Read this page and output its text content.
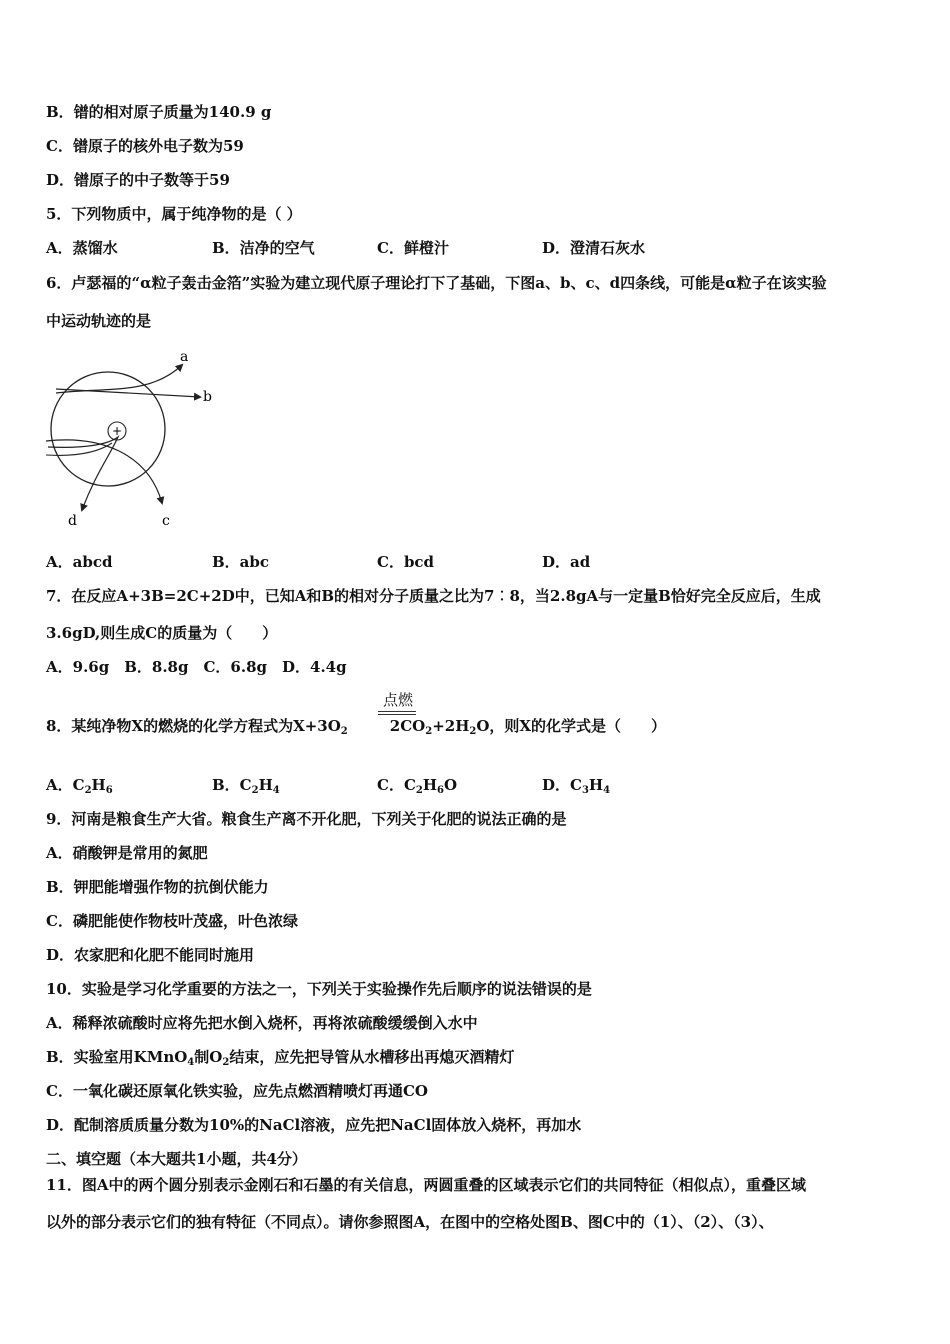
B．镨的相对原子质量为140.9 g
C．镨原子的核外电子数为59
D．镨原子的中子数等于59
5．下列物质中，属于纯净物的是（ ）
A．蒸馏水	B．洁净的空气	C．鲜橙汁	D．澄清石灰水
6．卢瑟福的“α粒子轰击金箔”实验为建立现代原子理论打下了基础，下图a、b、c、d四条线，可能是α粒子在该实验
中运动轨迹的是
+
a
b
c
d
A．abcd	B．abc	C．bcd	D．ad
7．在反应A+3B=2C+2D中，已知A和B的相对分子质量之比为7︰8，当2.8gA与一定量B恰好完全反应后，生成
3.6gD,则生成C的质量为（　　）
A．9.6g　B．8.8g　C．6.8g　D．4.4g
点燃
8．某纯净物X的燃烧的化学方程式为$X+3O_2$	$2CO_2+2H_2O$，则X的化学式是（　　）
A．$C_2H_6$	B．$C_2H_4$	C．$C_2H_6O$	D．$C_3H_4$
9．河南是粮食生产大省。粮食生产离不开化肥，下列关于化肥的说法正确的是
A．硝酸钾是常用的氮肥
B．钾肥能增强作物的抗倒伏能力
C．磷肥能使作物枝叶茂盛，叶色浓绿
D．农家肥和化肥不能同时施用
10．实验是学习化学重要的方法之一，下列关于实验操作先后顺序的说法错误的是
A．稀释浓硫酸时应将先把水倒入烧杯，再将浓硫酸缓缓倒入水中
B．实验室用KMnO$_4$制$O_2$结束，应先把导管从水槽移出再熄灭酒精灯
C．一氧化碳还原氧化铁实验，应先点燃酒精喷灯再通CO
D．配制溶质质量分数为10%的NaCl溶液，应先把NaCl固体放入烧杯，再加水
二、填空题（本大题共1小题，共4分）
11．图A中的两个圆分别表示金刚石和石墨的有关信息，两圆重叠的区域表示它们的共同特征（相似点），重叠区域
以外的部分表示它们的独有特征（不同点）。请你参照图A，在图中的空格处图B、图C中的（1）、（2）、（3）、
